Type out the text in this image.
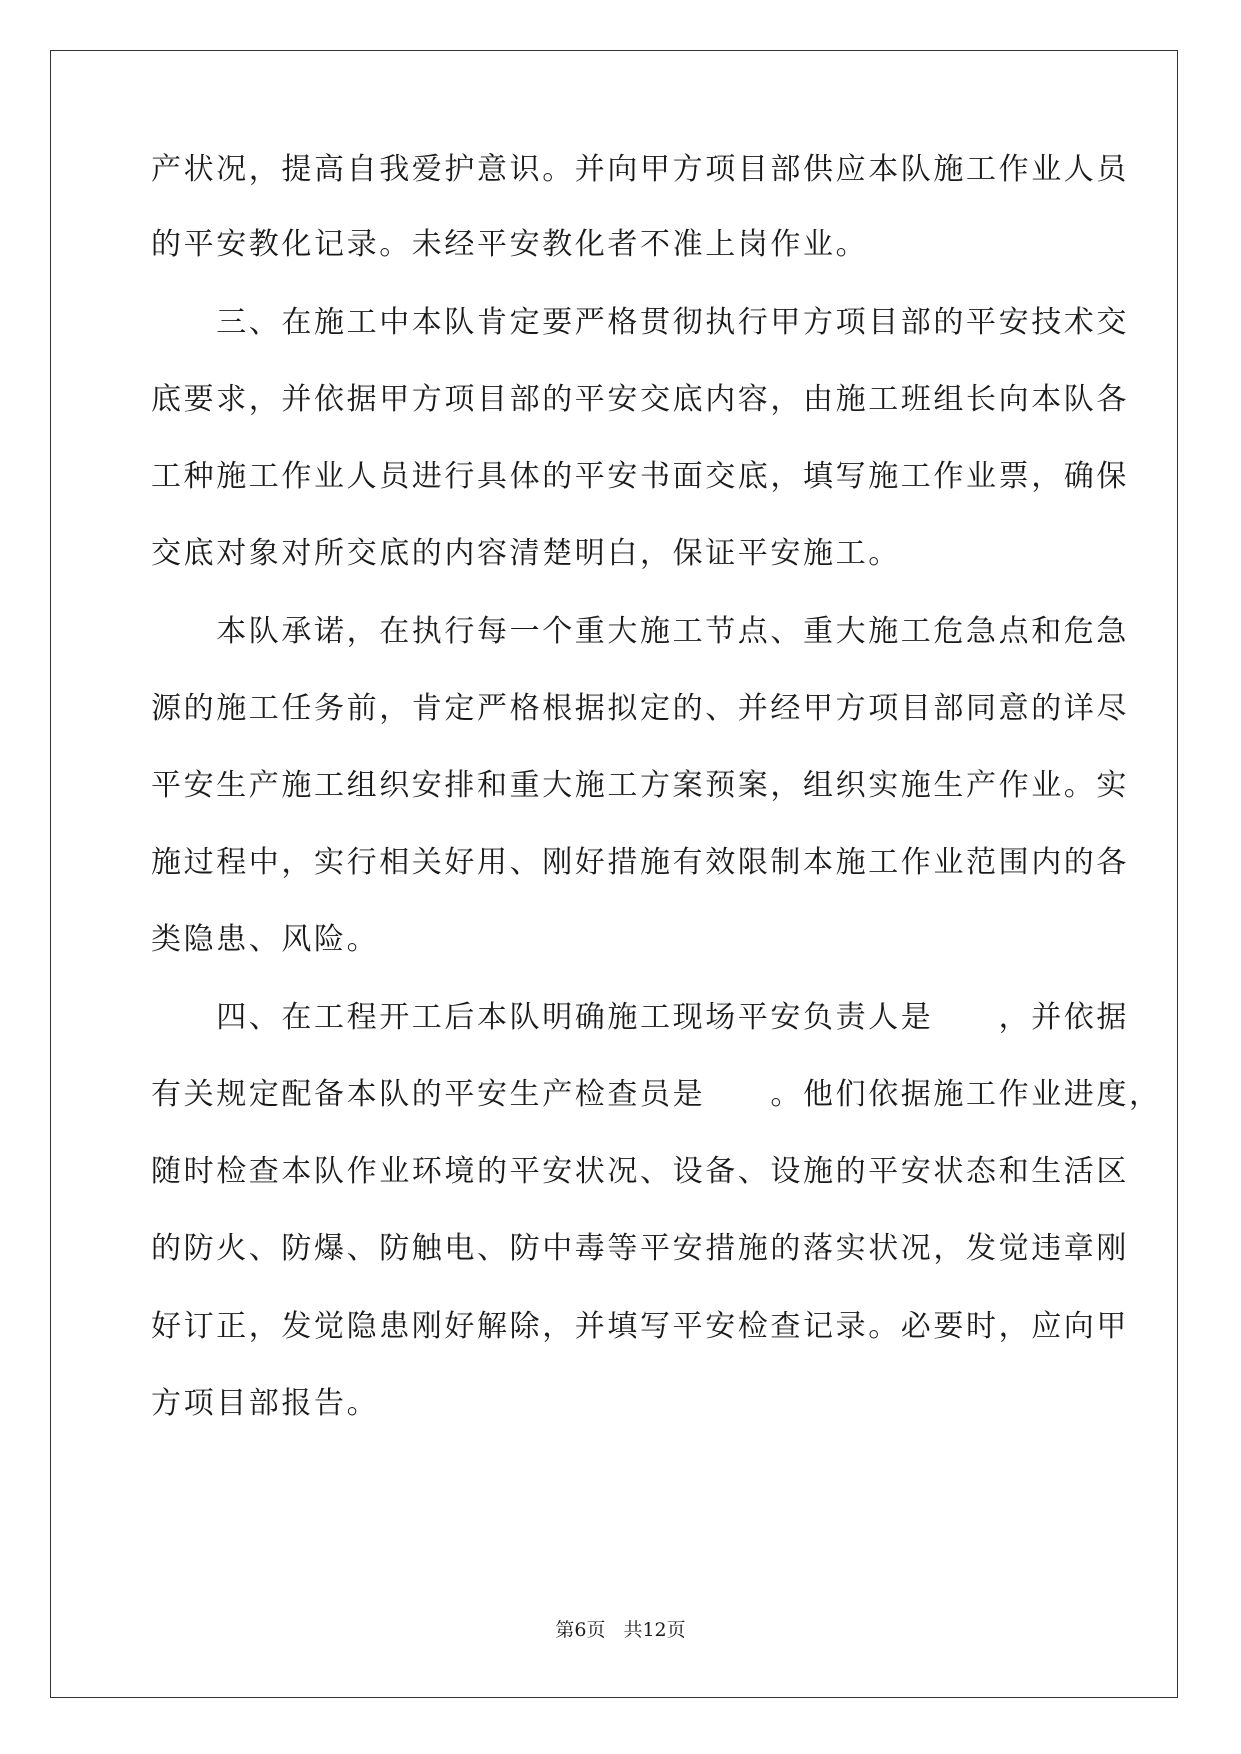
产状况，提高自我爱护意识。并向甲方项目部供应本队施工作业人员
的平安教化记录。未经平安教化者不准上岗作业。
　　三、在施工中本队肯定要严格贯彻执行甲方项目部的平安技术交
底要求，并依据甲方项目部的平安交底内容，由施工班组长向本队各
工种施工作业人员进行具体的平安书面交底，填写施工作业票，确保
交底对象对所交底的内容清楚明白，保证平安施工。
　　本队承诺，在执行每一个重大施工节点、重大施工危急点和危急
源的施工任务前，肯定严格根据拟定的、并经甲方项目部同意的详尽
平安生产施工组织安排和重大施工方案预案，组织实施生产作业。实
施过程中，实行相关好用、刚好措施有效限制本施工作业范围内的各
类隐患、风险。
　　四、在工程开工后本队明确施工现场平安负责人是　　，并依据
有关规定配备本队的平安生产检查员是　　。他们依据施工作业进度，
随时检查本队作业环境的平安状况、设备、设施的平安状态和生活区
的防火、防爆、防触电、防中毒等平安措施的落实状况，发觉违章刚
好订正，发觉隐患刚好解除，并填写平安检查记录。必要时，应向甲
方项目部报告。
第6页 共12页
